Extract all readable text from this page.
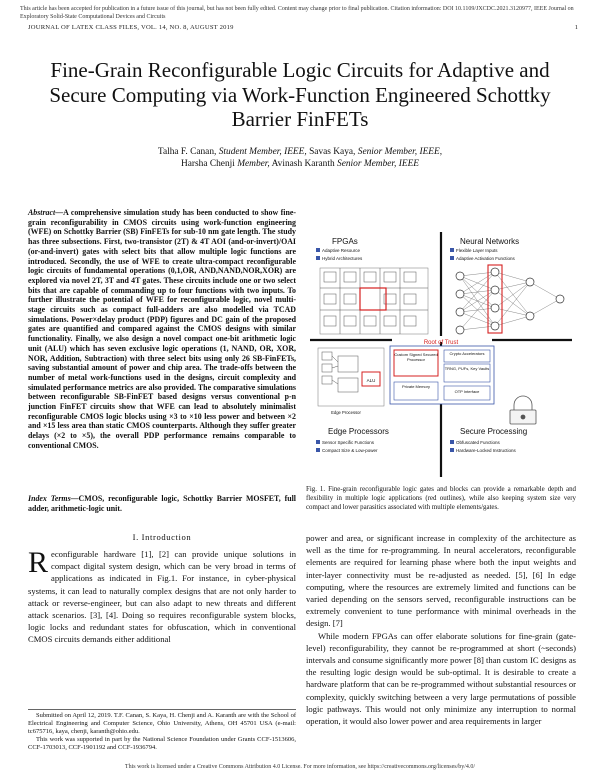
This article has been accepted for publication in a future issue of this journal, but has not been fully edited. Content may change prior to final publication. Citation information: DOI 10.1109/JXCDC.2021.3120977, IEEE Journal on Exploratory Solid-State Computational Devices and Circuits
JOURNAL OF LATEX CLASS FILES, VOL. 14, NO. 8, AUGUST 2019	1
Fine-Grain Reconfigurable Logic Circuits for Adaptive and Secure Computing via Work-Function Engineered Schottky Barrier FinFETs
Talha F. Canan, Student Member, IEEE, Savas Kaya, Senior Member, IEEE,
Harsha Chenji Member, Avinash Karanth Senior Member, IEEE
Abstract—A comprehensive simulation study has been conducted to show fine-grain reconfigurability in CMOS circuits using work-function engineering (WFE) on Schottky Barrier (SB) FinFETs for sub-10 nm gate length. The study has three subsections. First, two-transistor (2T) & 4T AOI (and-or-invert)/OAI (or-and-invert) gates with select bits that allow multiple logic functions are introduced. Secondly, the use of WFE to create ultra-compact reconfigurable logic circuits of fundamental operations (0,1,OR, AND,NAND,NOR,XOR) are explored via novel 2T, 3T and 4T gates. These circuits include one or two select bits that are capable of commanding up to four functions with two inputs. To further illustrate the potential of WFE for reconfigurable logic, novel multi-stage circuits such as compact full-adders are also modelled via TCAD simulations. Power×delay product (PDP) figures and DC gain of the proposed gates are quantified and compared against the CMOS designs with similar functionality. Finally, we also design a novel compact one-bit arithmetic logic unit (ALU) which has seven exclusive logic operations (1, NAND, OR, XOR, NOR, Addition, Subtraction) with three select bits using only 26 SB-FinFETs, saving substantial amount of power and chip area. The trade-offs between the number of metal work-functions used in the designs, circuit complexity and simulated performance metrics are also provided. The comparative simulations between reconfigurable SB-FinFET based designs versus conventional p-n junction FinFET circuits show that WFE can lead to absolutely minimalist reconfigurable CMOS logic blocks using ×3 to ×10 less power and between ×2 and ×15 less area than static CMOS counterparts. Although they suffer greater delays (×2 to ×5), the overall PDP performance remains comparable to conventional CMOS.
Index Terms—CMOS, reconfigurable logic, Schottky Barrier MOSFET, full adder, arithmetic-logic unit.
I. Introduction
Reconfigurable hardware [1], [2] can provide unique solutions in compact digital system design, which can be very broad in terms of applications as indicated in Fig.1. For instance, in cyber-physical systems, it can lead to naturally complex designs that are not only harder to attack or reverse-engineer, but can also adapt to new threats and different attack scenarios. [3], [4]. Doing so requires reconfigurable system blocks, logic locks and redundant states for obfuscation, which in conventional CMOS circuits demands either additional
Submitted on April 12, 2019. T.F. Canan, S. Kaya, H. Chenji and A. Karanth are with the School of Electrical Engineering and Computer Science, Ohio University, Athens, OH 45701 USA (e-mail: tc675716, kaya, chenji, karanth@ohio.edu.
This work was supported in part by the National Science Foundation under Grants CCF-1513606, CCF-1703013, CCF-1901192 and CCF-1936794.
FPGAs
Adaptive Resource
Hybrid Architectures
Neural Networks
Flexible Layer Inputs
Adaptive Activation Functions
Root of Trust
Custom Signed Secured Processor
Crypto Accelerators
TRNG, PUFs, Key Vaults
Private Memory
OTP Interface
ALU
Edge Processor
Edge Processors
Sensor Specific Functions
Compact Size & Low-power
Secure Processing
Obfuscated Functions
Hardware-Locked Instructions
Fig. 1. Fine-grain reconfigurable logic gates and blocks can provide a remarkable depth and flexibility in multiple logic applications (red outlines), while also keeping system size very compact and lower parasitics associated with multiple elements/gates.

power and area, or significant increase in complexity of the architecture as well as the time for re-programming. In neural accelerators, reconfigurable elements are required for learning phase where both the input weights and inter-layer connectivity must be re-adjusted as needed. [5], [6] In edge computing, where the resources are extremely limited and functions can be varied depending on the sensors served, reconfigurable instructions can be extremely convenient to tune performance with minimal overheads in the design. [7]

While modern FPGAs can offer elaborate solutions for fine-grain (gate-level) reconfigurability, they cannot be re-programmed at short (~seconds) intervals and consume significantly more power [8] than custom IC designs as the resulting logic design would be sub-optimal. It is desirable to create a hardware platform that can be re-programmed without substantial resources or complexity, quickly switching between a very large permutations of possible logic pathways. This would not only minimize any interruption to normal operation, it would also lower power and area requirements in larger

This work is licensed under a Creative Commons Attribution 4.0 License. For more information, see https://creativecommons.org/licenses/by/4.0/
